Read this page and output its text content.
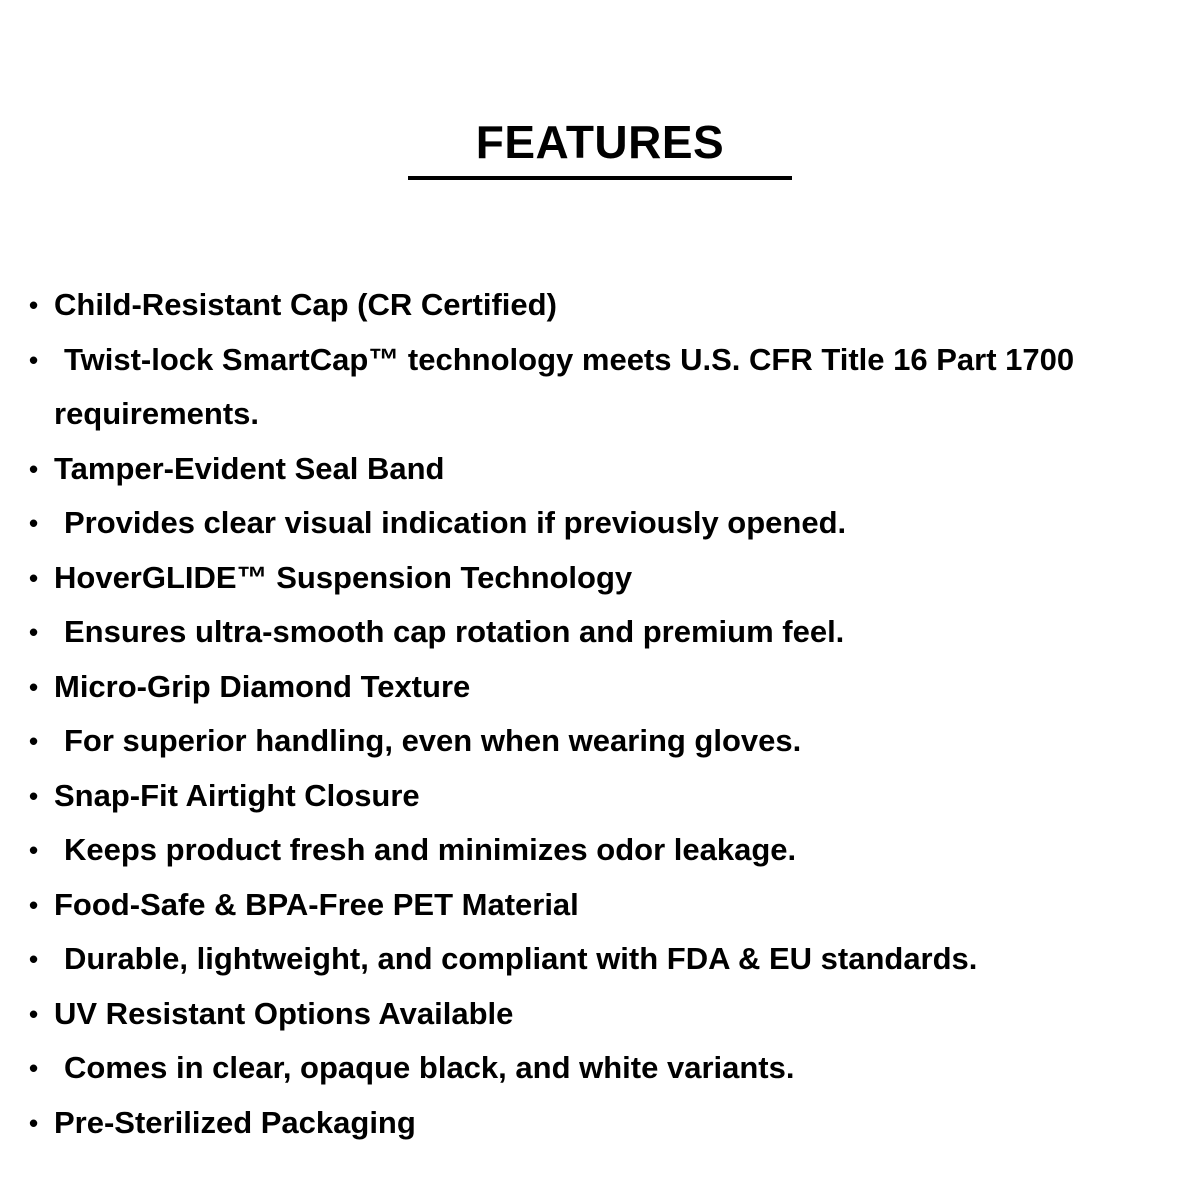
FEATURES
• Child-Resistant Cap (CR Certified)
• Twist-lock SmartCap™ technology meets U.S. CFR Title 16 Part 1700
requirements.
• Tamper-Evident Seal Band
• Provides clear visual indication if previously opened.
• HoverGLIDE™ Suspension Technology
• Ensures ultra-smooth cap rotation and premium feel.
• Micro-Grip Diamond Texture
• For superior handling, even when wearing gloves.
• Snap-Fit Airtight Closure
• Keeps product fresh and minimizes odor leakage.
• Food-Safe & BPA-Free PET Material
• Durable, lightweight, and compliant with FDA & EU standards.
• UV Resistant Options Available
• Comes in clear, opaque black, and white variants.
• Pre-Sterilized Packaging
